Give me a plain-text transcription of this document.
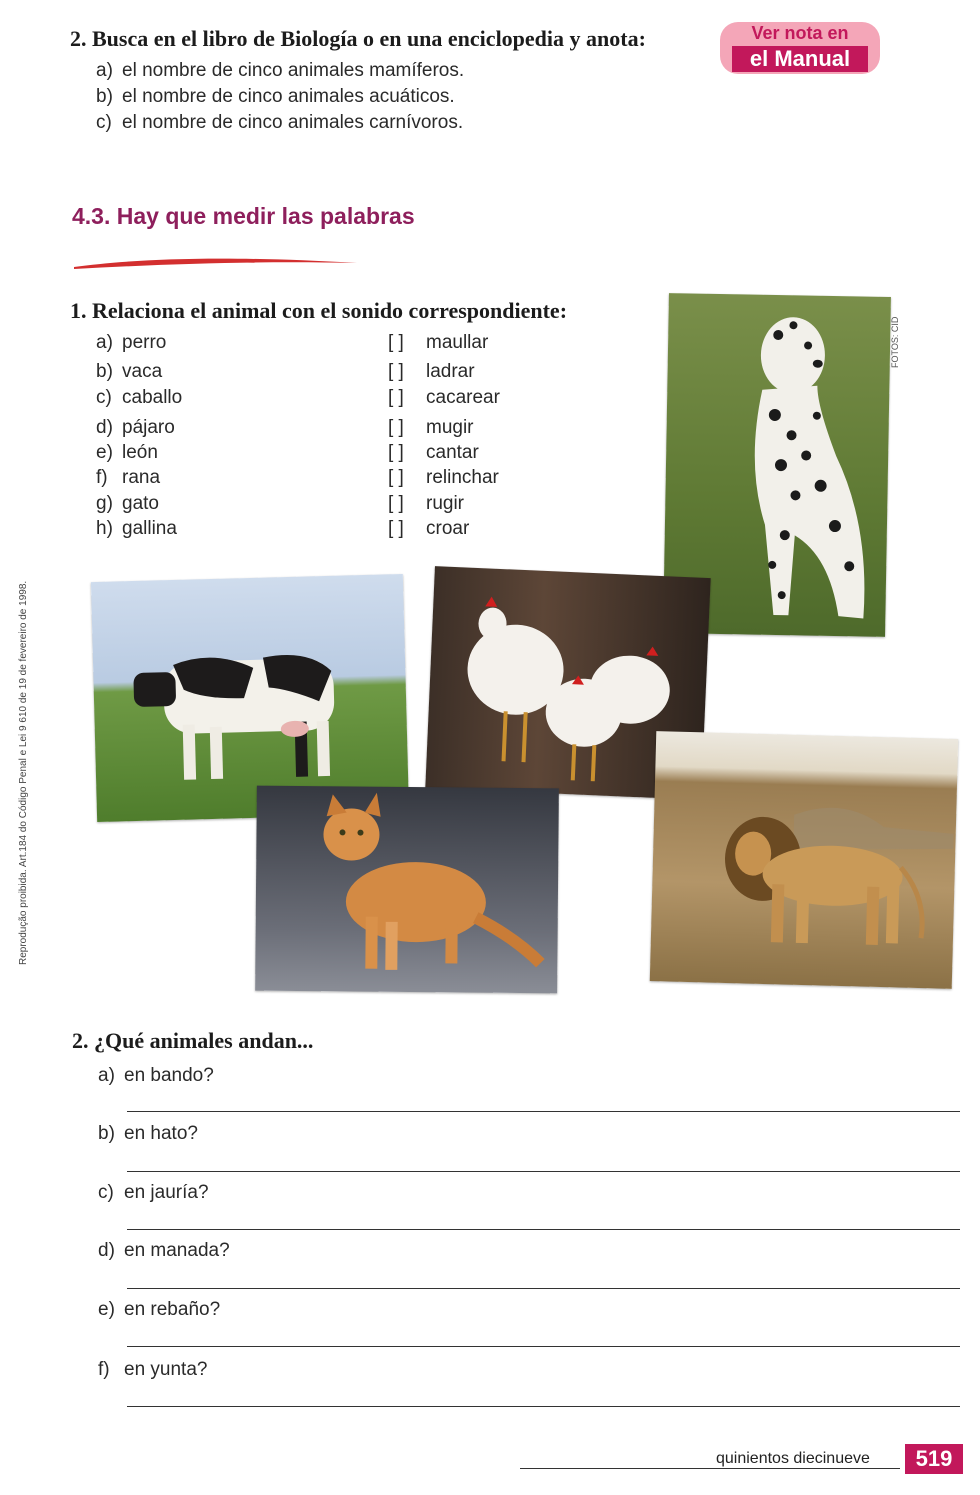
2. Busca en el libro de Biología o en una enciclopedia y anota:
a) el nombre de cinco animales mamíferos.
b) el nombre de cinco animales acuáticos.
c) el nombre de cinco animales carnívoros.
Ver nota en
el Manual
4.3. Hay que medir las palabras
1. Relaciona el animal con el sonido correspondiente:
a) perro
b) vaca
c) caballo
d) pájaro
e) león
f) rana
g) gato
h) gallina
[ ] maullar
[ ] ladrar
[ ] cacarear
[ ] mugir
[ ] cantar
[ ] relinchar
[ ] rugir
[ ] croar
FOTOS: CID
Reprodução proibida. Art.184 do Código Penal e Lei 9 610 de 19 de fevereiro de 1998.
2. ¿Qué animales andan...
a) en bando?
b) en hato?
c) en jauría?
d) en manada?
e) en rebaño?
f) en yunta?
quinientos diecinueve	519
